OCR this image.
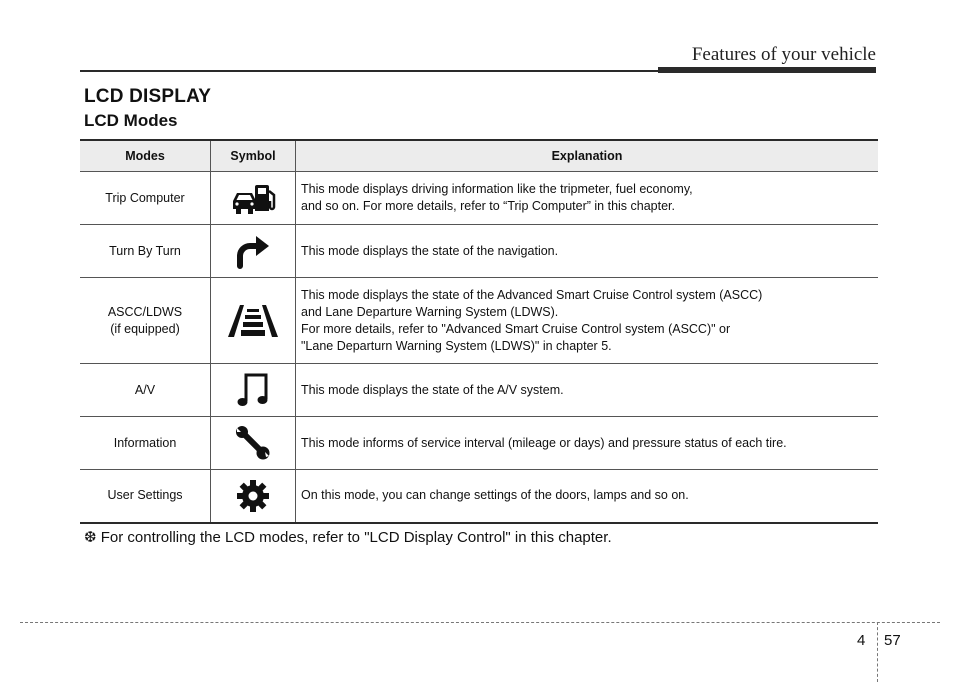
Features of your vehicle
LCD DISPLAY
LCD Modes
Modes	Symbol	Explanation

Trip Computer		This mode displays driving information like the tripmeter, fuel economy,
and so on. For more details, refer to “Trip Computer” in this chapter.

Turn By Turn		This mode displays the state of the navigation.

ASCC/LDWS
(if equipped)		This mode displays the state of the Advanced Smart Cruise Control system (ASCC)
and Lane Departure Warning System (LDWS).
For more details, refer to "Advanced Smart Cruise Control system (ASCC)" or
"Lane Departurn Warning System (LDWS)" in chapter 5.

A/V		This mode displays the state of the A/V system.

Information		This mode informs of service interval (mileage or days) and pressure status of each tire.

User Settings		On this mode, you can change settings of the doors, lamps and so on.
❆ For controlling the LCD modes, refer to "LCD Display Control" in this chapter.
4 57
